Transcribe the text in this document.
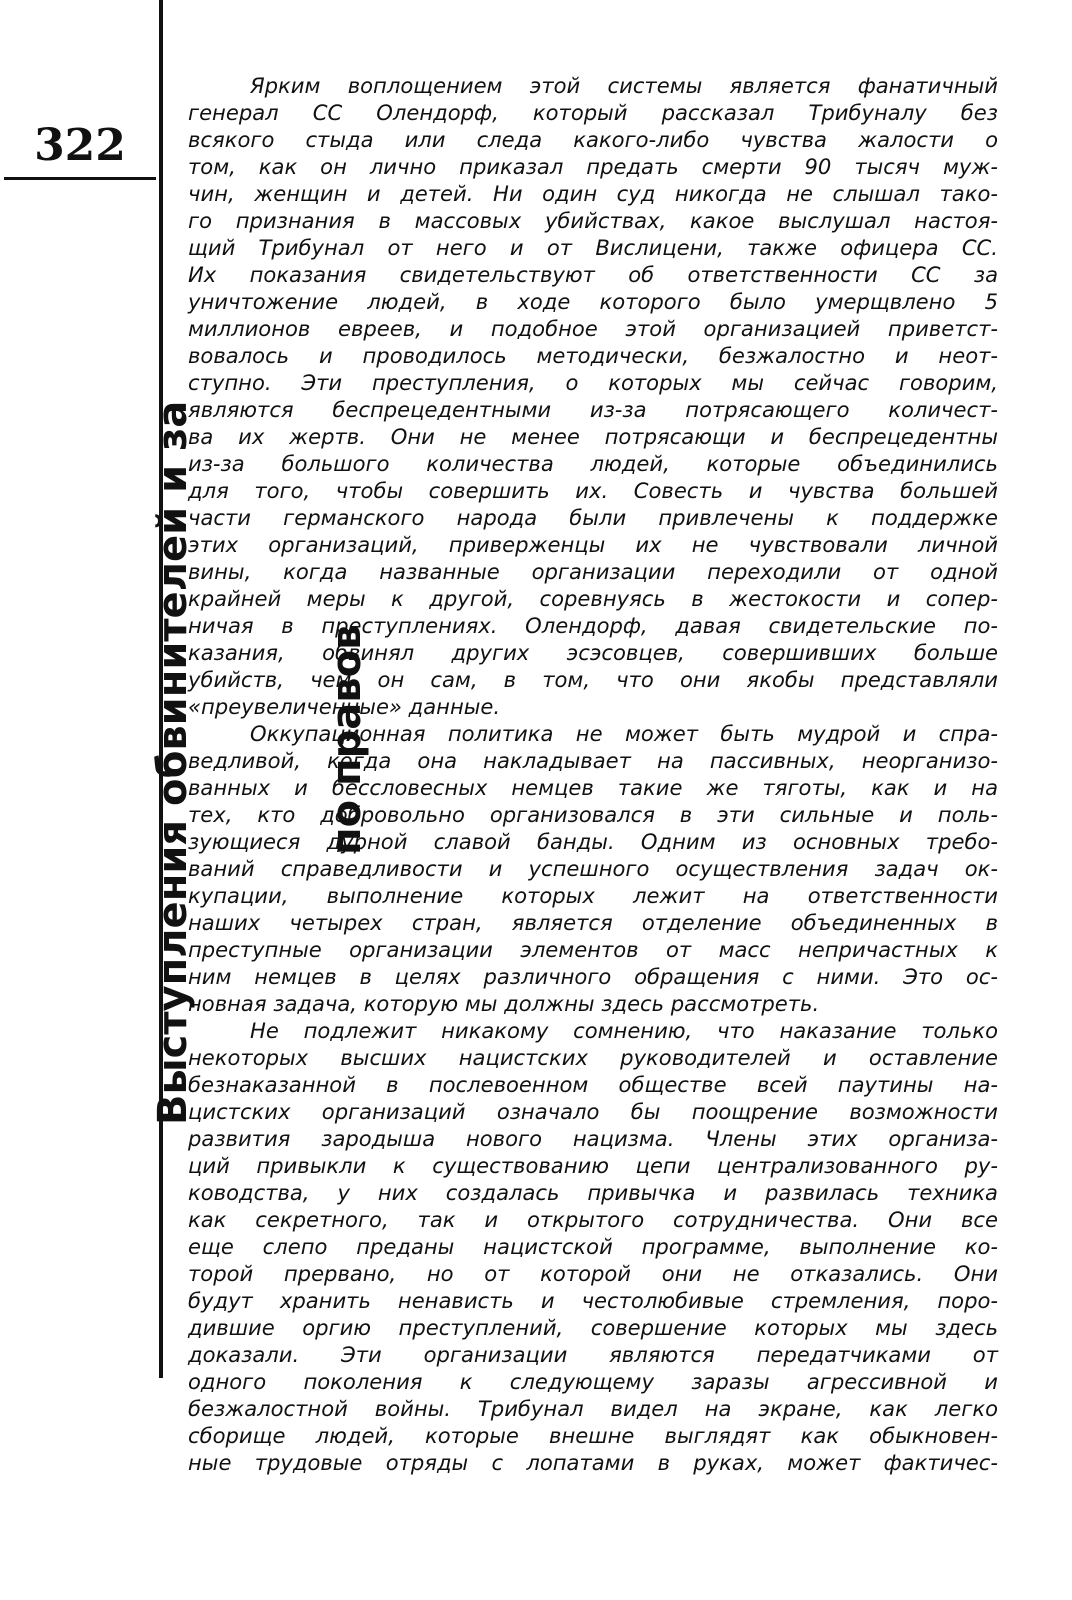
322

Выступления обвинителей и за

	по правов

Ярким воплощением этой системы является фанатичный
генерал СС Олендорф, который рассказал Трибуналу без
всякого стыда или следа какого-либо чувства жалости о
том, как он лично приказал предать смерти 90 тысяч муж-
чин, женщин и детей. Ни один суд никогда не слышал тако-
го признания в массовых убийствах, какое выслушал настоя-
щий Трибунал от него и от Вислицени, также офицера СС.
Их показания свидетельствуют об ответственности СС за
уничтожение людей, в ходе которого было умерщвлено 5
миллионов евреев, и подобное этой организацией приветст-
вовалось и проводилось методически, безжалостно и неот-
ступно. Эти преступления, о которых мы сейчас говорим,
являются беспрецедентными из-за потрясающего количест-
ва их жертв. Они не менее потрясающи и беспрецедентны
из-за большого количества людей, которые объединились
для того, чтобы совершить их. Совесть и чувства большей
части германского народа были привлечены к поддержке
этих организаций, приверженцы их не чувствовали личной
вины, когда названные организации переходили от одной
крайней меры к другой, соревнуясь в жестокости и сопер-
ничая в преступлениях. Олендорф, давая свидетельские по-
казания, обвинял других эсэсовцев, совершивших больше
убийств, чем он сам, в том, что они якобы представляли
«преувеличенные» данные.
Оккупационная политика не может быть мудрой и спра-
ведливой, когда она накладывает на пассивных, неорганизо-
ванных и бессловесных немцев такие же тяготы, как и на
тех, кто добровольно организовался в эти сильные и поль-
зующиеся дурной славой банды. Одним из основных требо-
ваний справедливости и успешного осуществления задач ок-
купации, выполнение которых лежит на ответственности
наших четырех стран, является отделение объединенных в
преступные организации элементов от масс непричастных к
ним немцев в целях различного обращения с ними. Это ос-
новная задача, которую мы должны здесь рассмотреть.
Не подлежит никакому сомнению, что наказание только
некоторых высших нацистских руководителей и оставление
безнаказанной в послевоенном обществе всей паутины на-
цистских организаций означало бы поощрение возможности
развития зародыша нового нацизма. Члены этих организа-
ций привыкли к существованию цепи централизованного ру-
ководства, у них создалась привычка и развилась техника
как секретного, так и открытого сотрудничества. Они все
еще слепо преданы нацистской программе, выполнение ко-
торой прервано, но от которой они не отказались. Они
будут хранить ненависть и честолюбивые стремления, поро-
дившие оргию преступлений, совершение которых мы здесь
доказали. Эти организации являются передатчиками от
одного поколения к следующему заразы агрессивной и
безжалостной войны. Трибунал видел на экране, как легко
сборище людей, которые внешне выглядят как обыкновен-
ные трудовые отряды с лопатами в руках, может фактичес-
